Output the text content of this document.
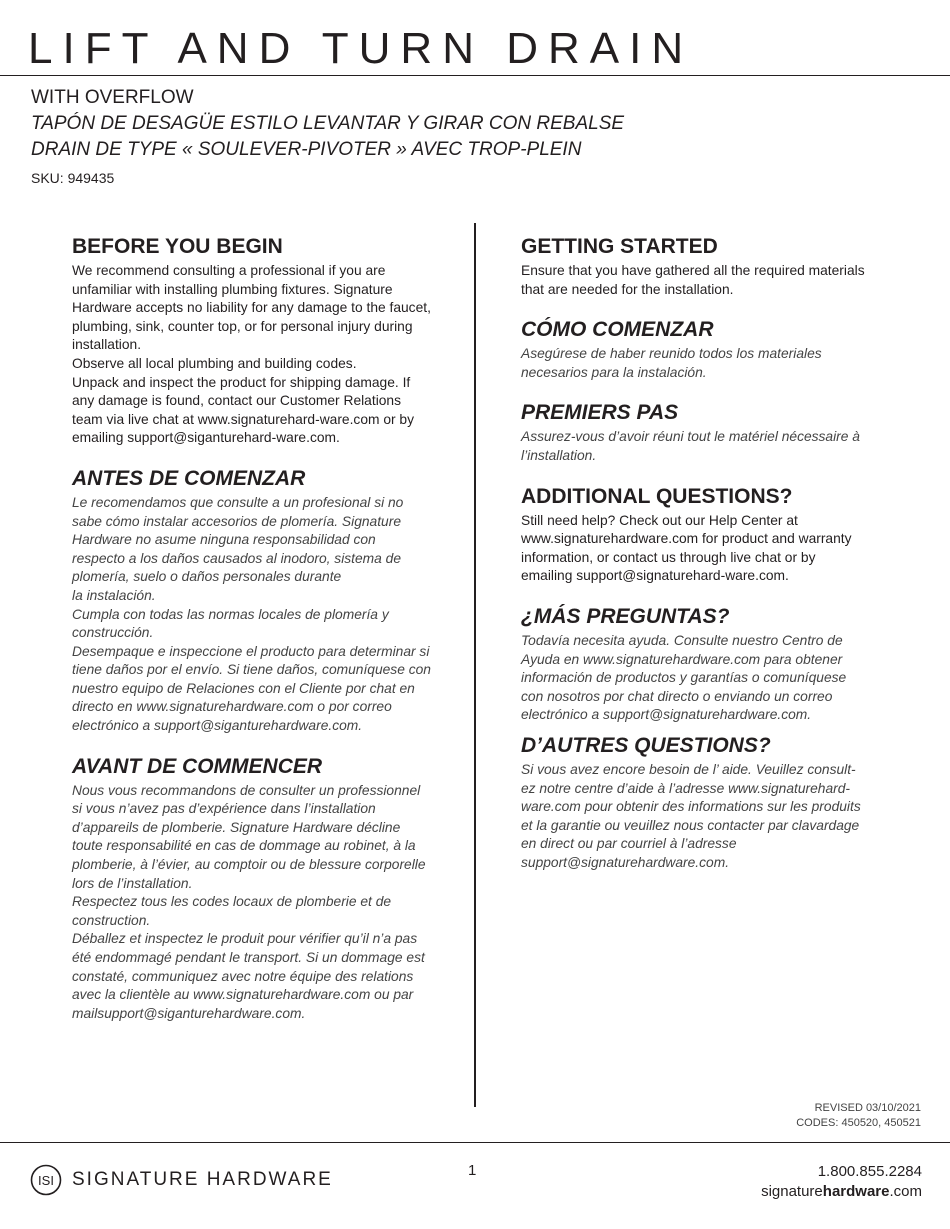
LIFT AND TURN DRAIN
WITH OVERFLOW
TAPÓN DE DESAGÜE ESTILO LEVANTAR Y GIRAR CON REBALSE
DRAIN DE TYPE « SOULEVER-PIVOTER » AVEC TROP-PLEIN
SKU: 949435
BEFORE YOU BEGIN

We recommend consulting a professional if you are unfamiliar with installing plumbing fixtures. Signature Hardware accepts no liability for any damage to the faucet, plumbing, sink, counter top, or for personal injury during installation.
Observe all local plumbing and building codes.
Unpack and inspect the product for shipping damage. If any damage is found, contact our Customer Relations team via live chat at www.signaturehard-ware.com or by emailing support@siganturehard-ware.com.

ANTES DE COMENZAR

Le recomendamos que consulte a un profesional si no sabe cómo instalar accesorios de plomería. Signature Hardware no asume ninguna responsabilidad con respecto a los daños causados al inodoro, sistema de plomería, suelo o daños personales durante
la instalación.
Cumpla con todas las normas locales de plomería y construcción.
Desempaque e inspeccione el producto para determinar si tiene daños por el envío. Si tiene daños, comuníquese con nuestro equipo de Relaciones con el Cliente por chat en directo en www.signaturehardware.com o por correo electrónico a support@siganturehardware.com.

AVANT DE COMMENCER

Nous vous recommandons de consulter un professionnel si vous n’avez pas d’expérience dans l’installation d’appareils de plomberie. Signature Hardware décline toute responsabilité en cas de dommage au robinet, à la plomberie, à l’évier, au comptoir ou de blessure corporelle lors de l’installation.
Respectez tous les codes locaux de plomberie et de construction.
Déballez et inspectez le produit pour vérifier qu’il n’a pas été endommagé pendant le transport. Si un dommage est constaté, communiquez avec notre équipe des relations avec la clientèle au www.signaturehardware.com ou par mailsupport@siganturehardware.com.

GETTING STARTED

Ensure that you have gathered all the required materials that are needed for the installation.

CÓMO COMENZAR

Asegúrese de haber reunido todos los materiales necesarios para la instalación.

PREMIERS PAS

Assurez-vous d’avoir réuni tout le matériel nécessaire à l’installation.

ADDITIONAL QUESTIONS?

Still need help? Check out our Help Center at www.signaturehardware.com for product and warranty information, or contact us through live chat or by emailing support@signaturehard-ware.com.

¿MÁS PREGUNTAS?

Todavía necesita ayuda. Consulte nuestro Centro de Ayuda en www.signaturehardware.com para obtener información de productos y garantías o comuníquese con nosotros por chat directo o enviando un correo electrónico a support@signaturehardware.com.

D’AUTRES QUESTIONS?

Si vous avez encore besoin de l’ aide. Veuillez consult-ez notre centre d’aide à l’adresse www.signaturehard-ware.com pour obtenir des informations sur les produits et la garantie ou veuillez nous contacter par clavardage en direct ou par courriel à l’adresse support@signaturehardware.com.

REVISED 03/10/2021
CODES: 450520, 450521
ISI SIGNATURE HARDWARE	1	1.800.855.2284
signaturehardware.com
